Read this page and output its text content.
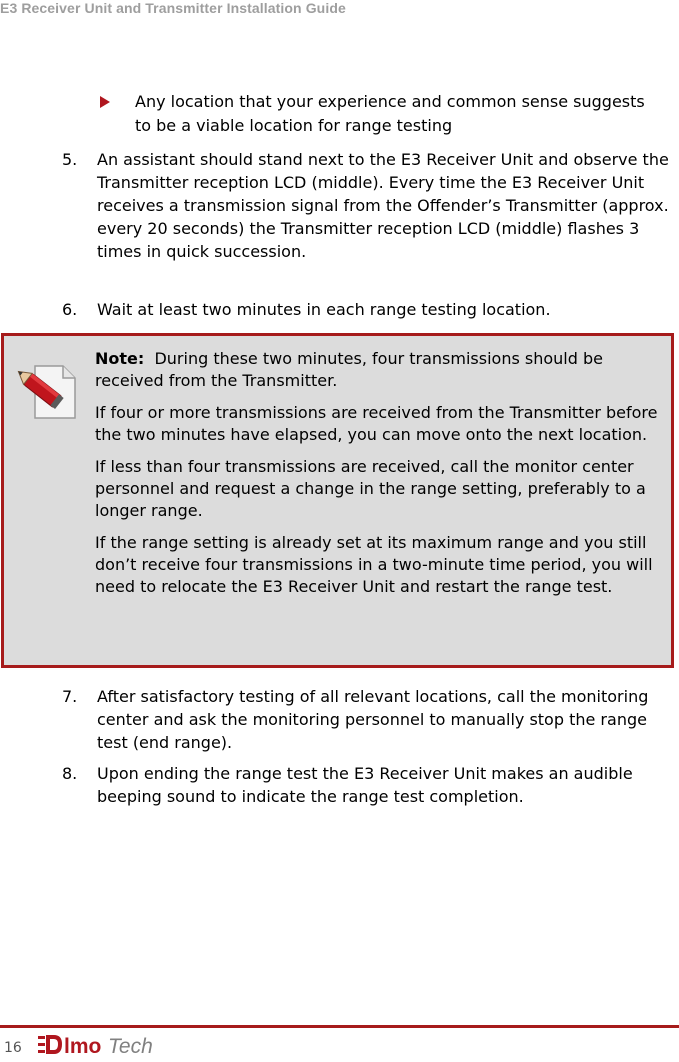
E3 Receiver Unit and Transmitter Installation Guide
Any location that your experience and common sense suggests to be a viable location for range testing
5. An assistant should stand next to the E3 Receiver Unit and observe the Transmitter reception LCD (middle). Every time the E3 Receiver Unit receives a transmission signal from the Offender’s Transmitter (approx. every 20 seconds) the Transmitter reception LCD (middle) flashes 3 times in quick succession.
6. Wait at least two minutes in each range testing location.

Note: During these two minutes, four transmissions should be received from the Transmitter.

If four or more transmissions are received from the Transmitter before the two minutes have elapsed, you can move onto the next location.

If less than four transmissions are received, call the monitor center personnel and request a change in the range setting, preferably to a longer range.

If the range setting is already set at its maximum range and you still don’t receive four transmissions in a two-minute time period, you will need to relocate the E3 Receiver Unit and restart the range test.

7. After satisfactory testing of all relevant locations, call the monitoring center and ask the monitoring personnel to manually stop the range test (end range).
8. Upon ending the range test the E3 Receiver Unit makes an audible beeping sound to indicate the range test completion.
16 lmo Tech
